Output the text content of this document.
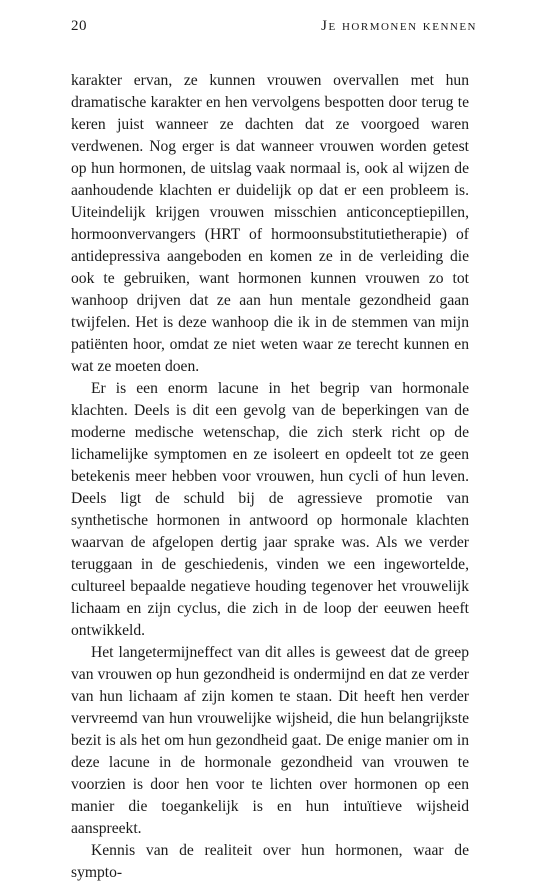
20	Je hormonen kennen

karakter ervan, ze kunnen vrouwen overvallen met hun dramatische karakter en hen vervolgens bespotten door terug te keren juist wanneer ze dachten dat ze voorgoed waren verdwenen. Nog erger is dat wanneer vrouwen worden getest op hun hormonen, de uitslag vaak normaal is, ook al wijzen de aanhoudende klachten er duidelijk op dat er een probleem is. Uiteindelijk krijgen vrouwen misschien anticonceptiepillen, hormoonvervangers (HRT of hormoonsubstitutietherapie) of antidepressiva aangeboden en komen ze in de verleiding die ook te gebruiken, want hormonen kunnen vrouwen zo tot wanhoop drijven dat ze aan hun mentale gezondheid gaan twijfelen. Het is deze wanhoop die ik in de stemmen van mijn patiënten hoor, omdat ze niet weten waar ze terecht kunnen en wat ze moeten doen.

Er is een enorm lacune in het begrip van hormonale klachten. Deels is dit een gevolg van de beperkingen van de moderne medische wetenschap, die zich sterk richt op de lichamelijke symptomen en ze isoleert en opdeelt tot ze geen betekenis meer hebben voor vrouwen, hun cycli of hun leven. Deels ligt de schuld bij de agressieve promotie van synthetische hormonen in antwoord op hormonale klachten waarvan de afgelopen dertig jaar sprake was. Als we verder teruggaan in de geschiedenis, vinden we een ingewortelde, cultureel bepaalde negatieve houding tegenover het vrouwelijk lichaam en zijn cyclus, die zich in de loop der eeuwen heeft ontwikkeld.

Het langetermijneffect van dit alles is geweest dat de greep van vrouwen op hun gezondheid is ondermijnd en dat ze verder van hun lichaam af zijn komen te staan. Dit heeft hen verder vervreemd van hun vrouwelijke wijsheid, die hun belangrijkste bezit is als het om hun gezondheid gaat. De enige manier om in deze lacune in de hormonale gezondheid van vrouwen te voorzien is door hen voor te lichten over hormonen op een manier die toegankelijk is en hun intuïtieve wijsheid aanspreekt.

Kennis van de realiteit over hun hormonen, waar de sympto-
